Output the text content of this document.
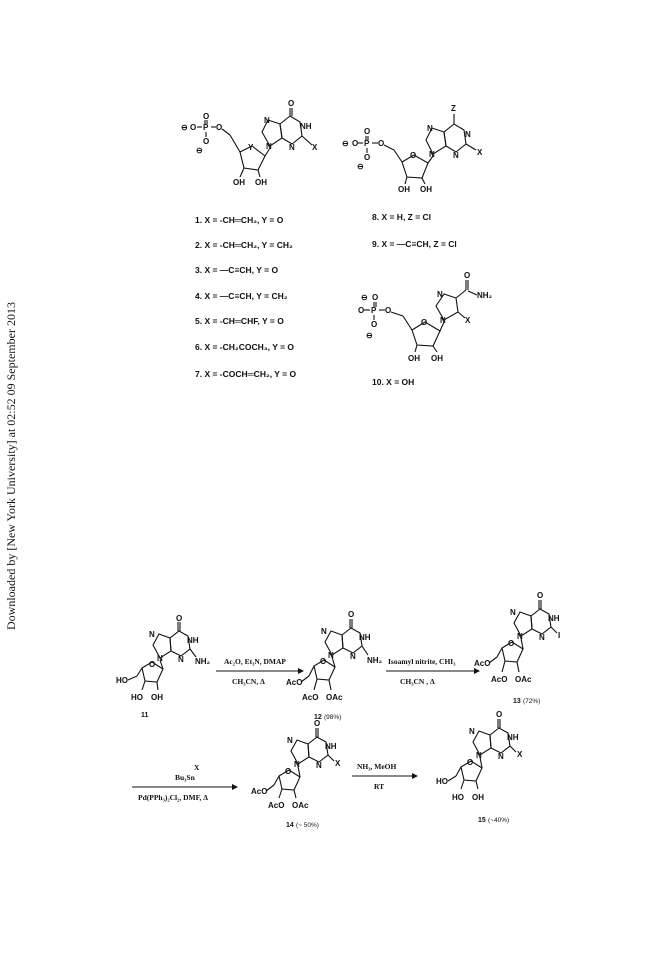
Downloaded by [New York University] at 02:52 09 September 2013
⊖ O P
O
O
⊖
O
Y
OH OH
N
N
O
NH
N X	⊖ O P
O
O
⊖
O
O
OH OH
N
N
Z
N
N X
1. X = -CH═CH₂, Y = O
2. X = -CH═CH₂, Y = CH₂
3. X = —C≡CH, Y = O
4. X = —C≡CH, Y = CH₂
5. X = -CH═CHF, Y = O
6. X = -CH₂COCH₃, Y = O
7. X = -COCH═CH₂, Y = O
8. X = H, Z = Cl
9. X = —C≡CH, Z = Cl
⊖ O
O P
O
⊖
O
O
OH OH
N
N
O
NH₂
X
10. X = OH
HO
O
HO OH
N
N
O
NH
N NH₂
11
Ac₂O, Et₃N, DMAP
CH₃CN, Δ	AcO
O
AcO OAc
N
N
O
NH
N NH₂
12 (98%)
Isoamyl nitrite, CHI₃
CH₃CN , Δ
AcO
O
AcO OAc
N
N
O
NH
N I
13 (72%)
Bu₃Sn
X
Pd(PPh₃)₂Cl₂, DMF, Δ
AcO
O
AcO OAc
N
N
O
NH
N X
14 (~ 50%)
NH₃, MeOH
RT
HO
O
HO OH
N
N
O
NH
N X
15 (~40%)
